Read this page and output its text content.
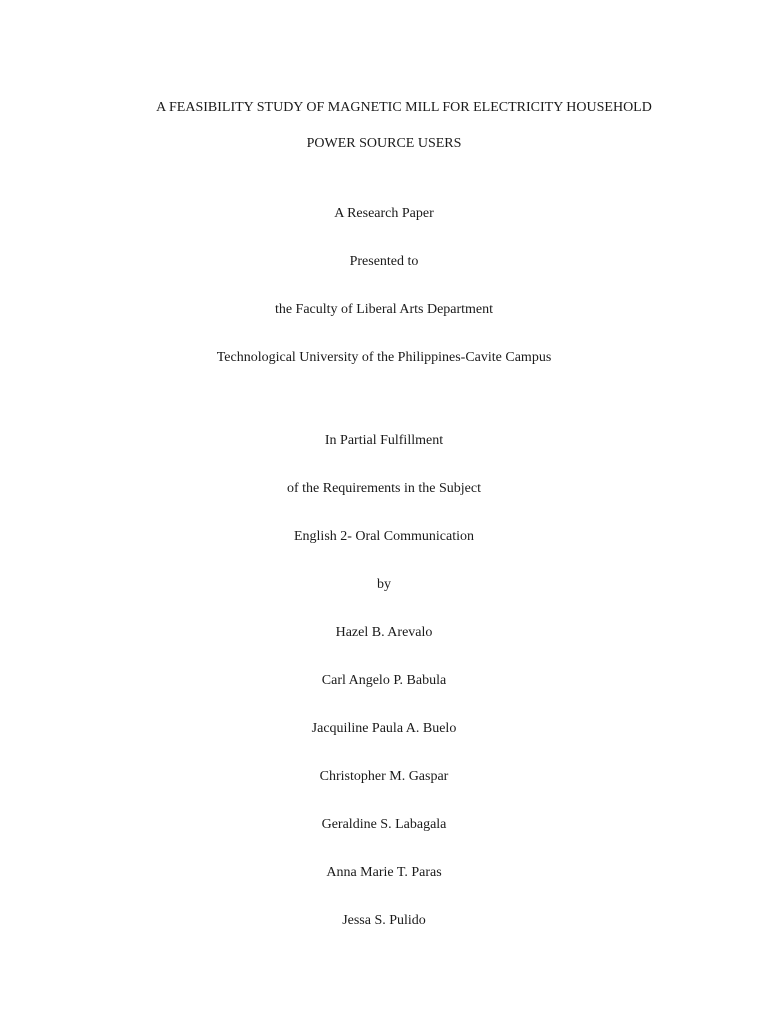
A FEASIBILITY STUDY OF MAGNETIC MILL FOR ELECTRICITY HOUSEHOLD
POWER SOURCE USERS
A Research Paper
Presented to
the Faculty of Liberal Arts Department
Technological University of the Philippines-Cavite Campus
In Partial Fulfillment
of the Requirements in the Subject
English 2- Oral Communication
by
Hazel B. Arevalo
Carl Angelo P. Babula
Jacquiline Paula A. Buelo
Christopher M. Gaspar
Geraldine S. Labagala
Anna Marie T. Paras
Jessa S. Pulido
